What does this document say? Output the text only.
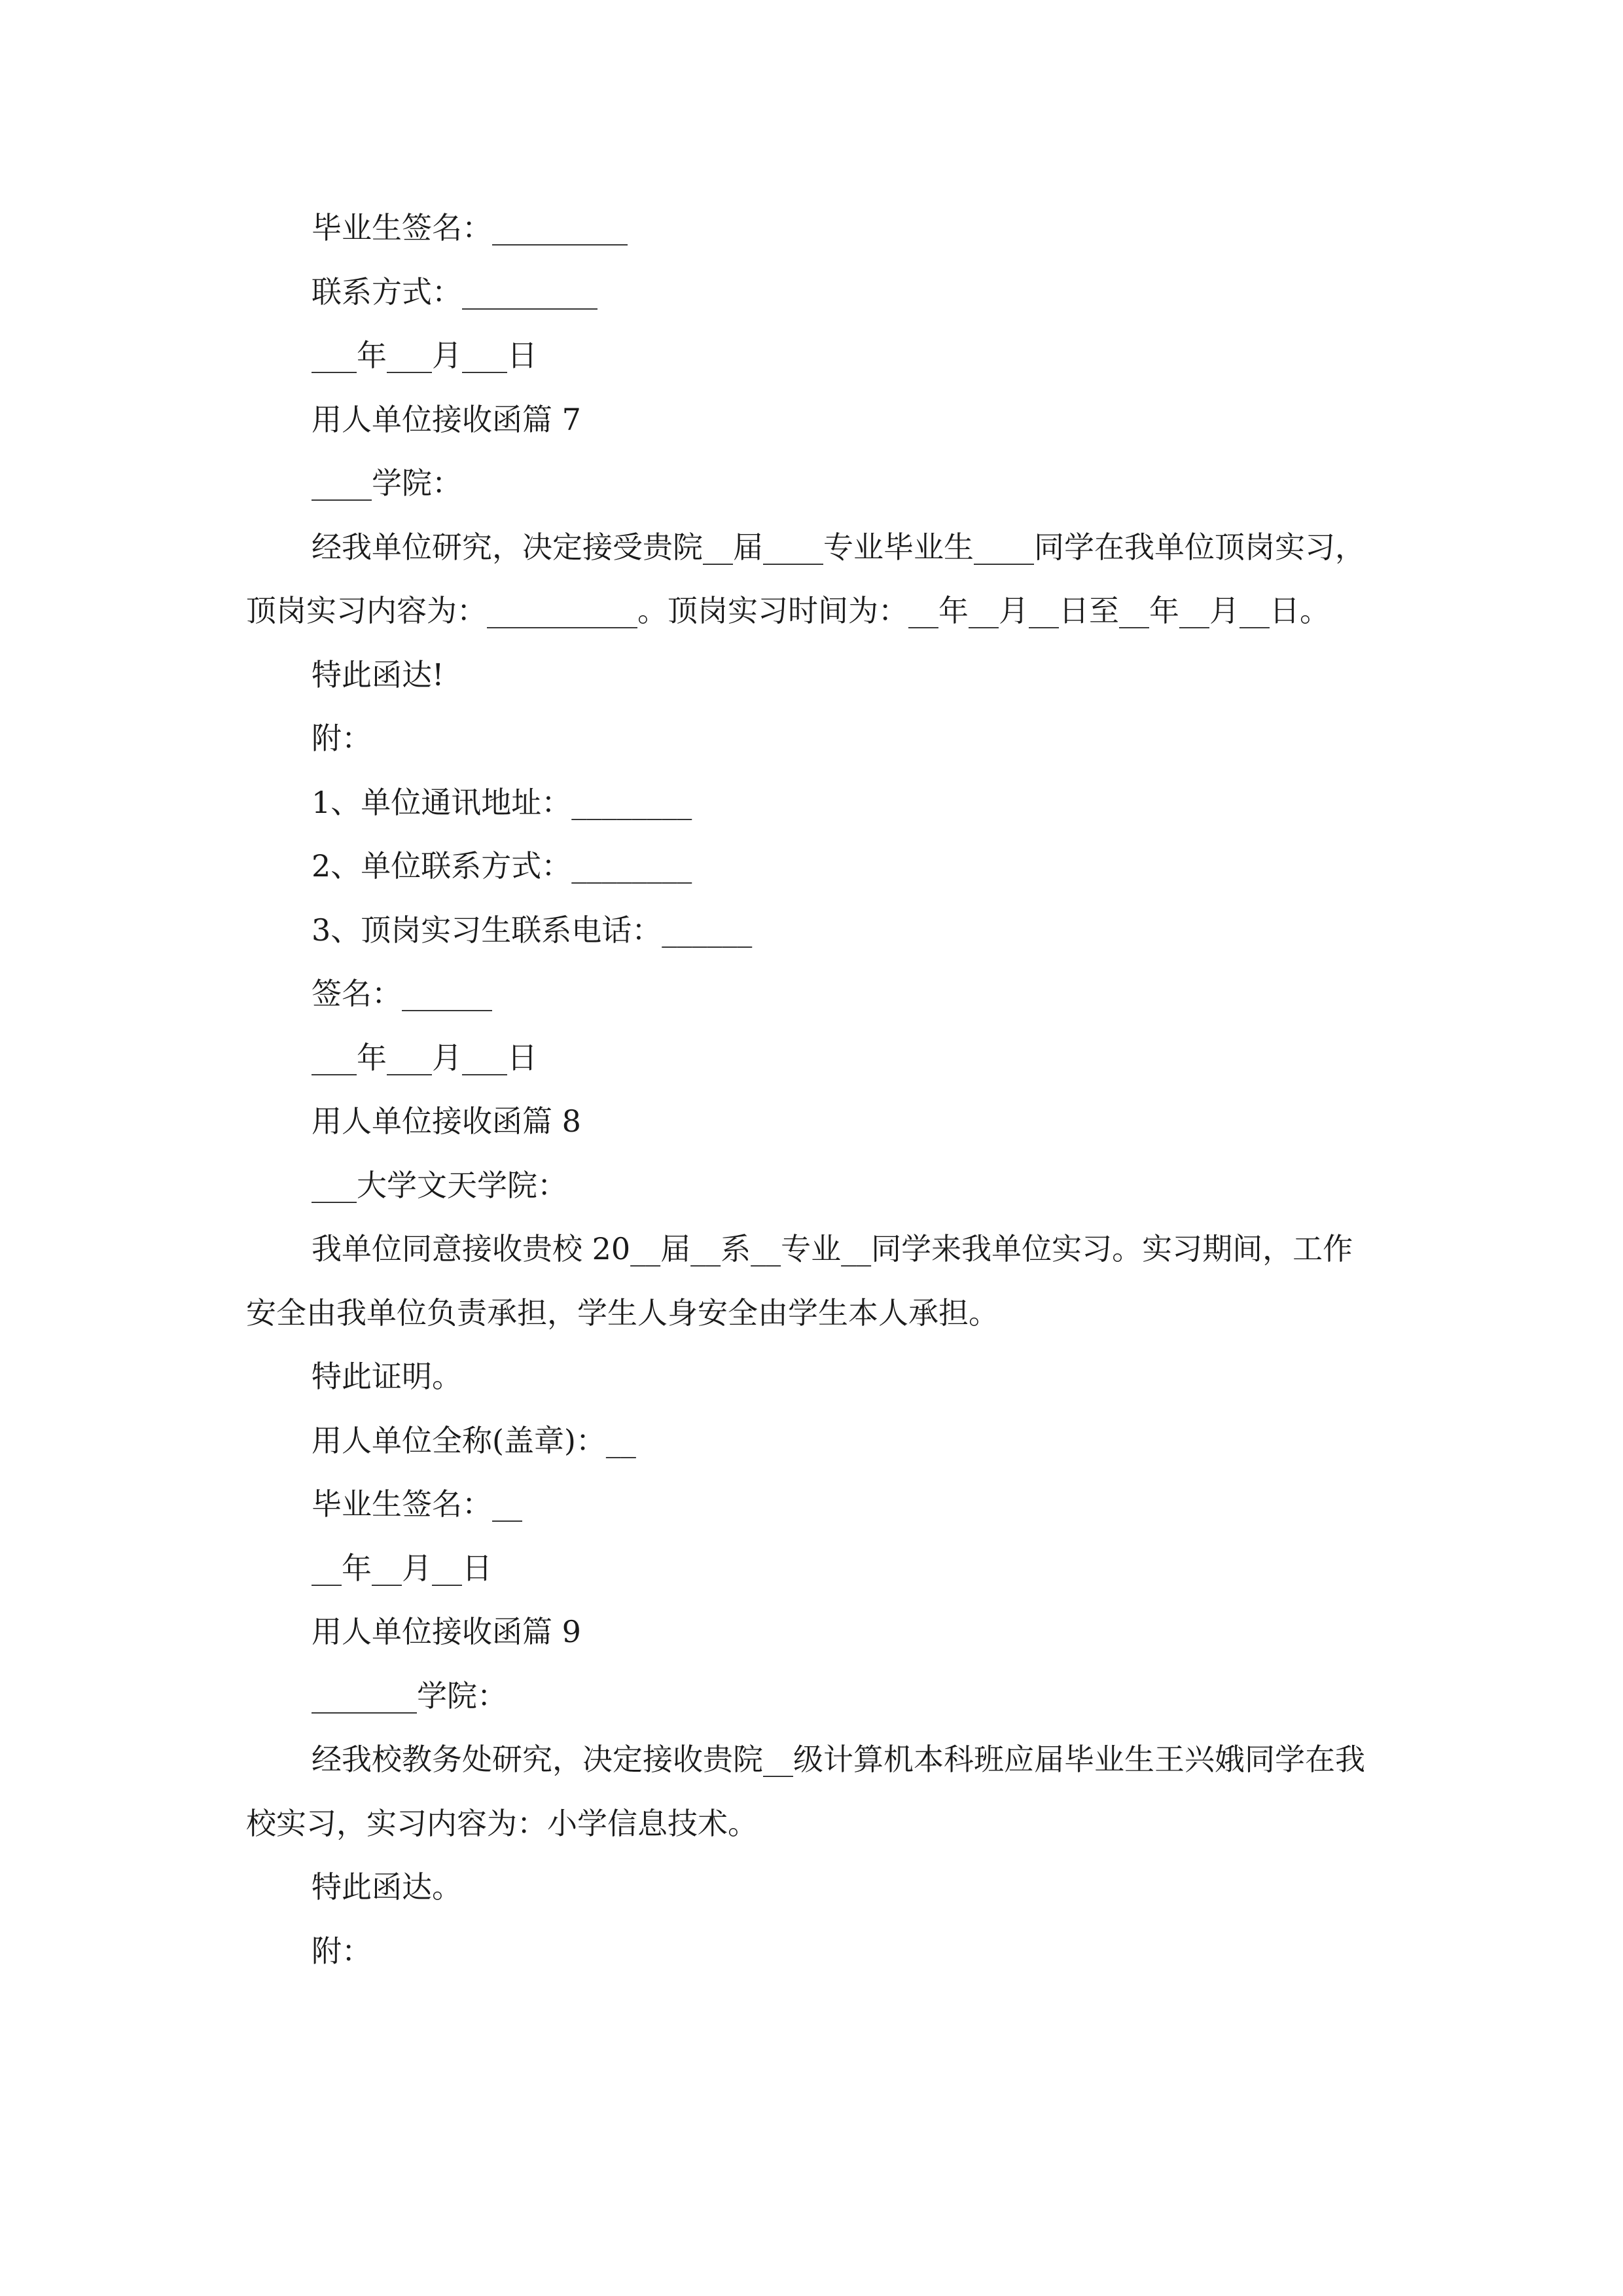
毕业生签名：_________

联系方式：_________

___年___月___日

用人单位接收函篇 7

____学院：

经我单位研究，决定接受贵院__届____专业毕业生____同学在我单位顶岗实习，顶岗实习内容为：__________。顶岗实习时间为：__年__月__日至__年__月__日。

特此函达!

附：

1、单位通讯地址：________

2、单位联系方式：________

3、顶岗实习生联系电话：______

签名：______

___年___月___日

用人单位接收函篇 8

___大学文天学院：

我单位同意接收贵校 20__届__系__专业__同学来我单位实习。实习期间，工作安全由我单位负责承担，学生人身安全由学生本人承担。

特此证明。

用人单位全称(盖章)：__

毕业生签名：__

__年__月__日

用人单位接收函篇 9

_______学院：

经我校教务处研究，决定接收贵院__级计算机本科班应届毕业生王兴娥同学在我校实习，实习内容为：小学信息技术。

特此函达。

附：
